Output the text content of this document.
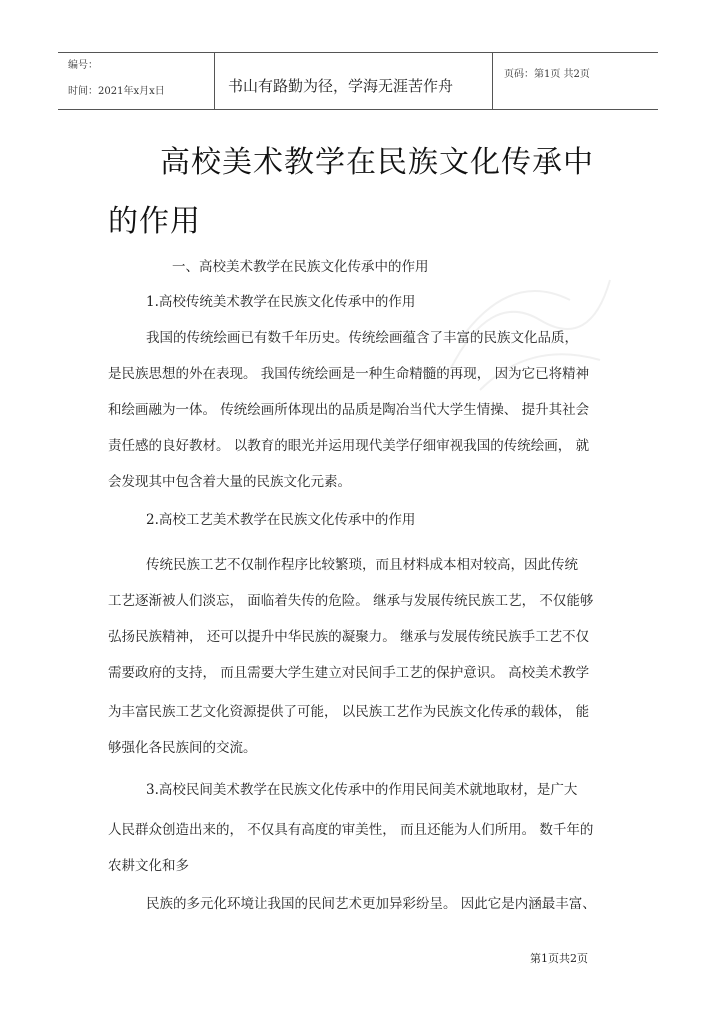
编号：
时间：2021年x月x日	书山有路勤为径，学海无涯苦作舟
页码：第1页 共2页
高校美术教学在民族文化传承中
的作用
一、高校美术教学在民族文化传承中的作用
1.高校传统美术教学在民族文化传承中的作用
我国的传统绘画已有数千年历史。传统绘画蕴含了丰富的民族文化品质，
是民族思想的外在表现。 我国传统绘画是一种生命精髓的再现， 因为它已将精神
和绘画融为一体。 传统绘画所体现出的品质是陶冶当代大学生情操、 提升其社会
责任感的良好教材。 以教育的眼光并运用现代美学仔细审视我国的传统绘画， 就
会发现其中包含着大量的民族文化元素。
2.高校工艺美术教学在民族文化传承中的作用
传统民族工艺不仅制作程序比较繁琐，而且材料成本相对较高，因此传统
工艺逐渐被人们淡忘， 面临着失传的危险。 继承与发展传统民族工艺， 不仅能够
弘扬民族精神， 还可以提升中华民族的凝聚力。 继承与发展传统民族手工艺不仅
需要政府的支持， 而且需要大学生建立对民间手工艺的保护意识。 高校美术教学
为丰富民族工艺文化资源提供了可能， 以民族工艺作为民族文化传承的载体， 能
够强化各民族间的交流。
3.高校民间美术教学在民族文化传承中的作用民间美术就地取材，是广大
人民群众创造出来的， 不仅具有高度的审美性， 而且还能为人们所用。 数千年的
农耕文化和多
民族的多元化环境让我国的民间艺术更加异彩纷呈。 因此它是内涵最丰富、
第1页共2页
